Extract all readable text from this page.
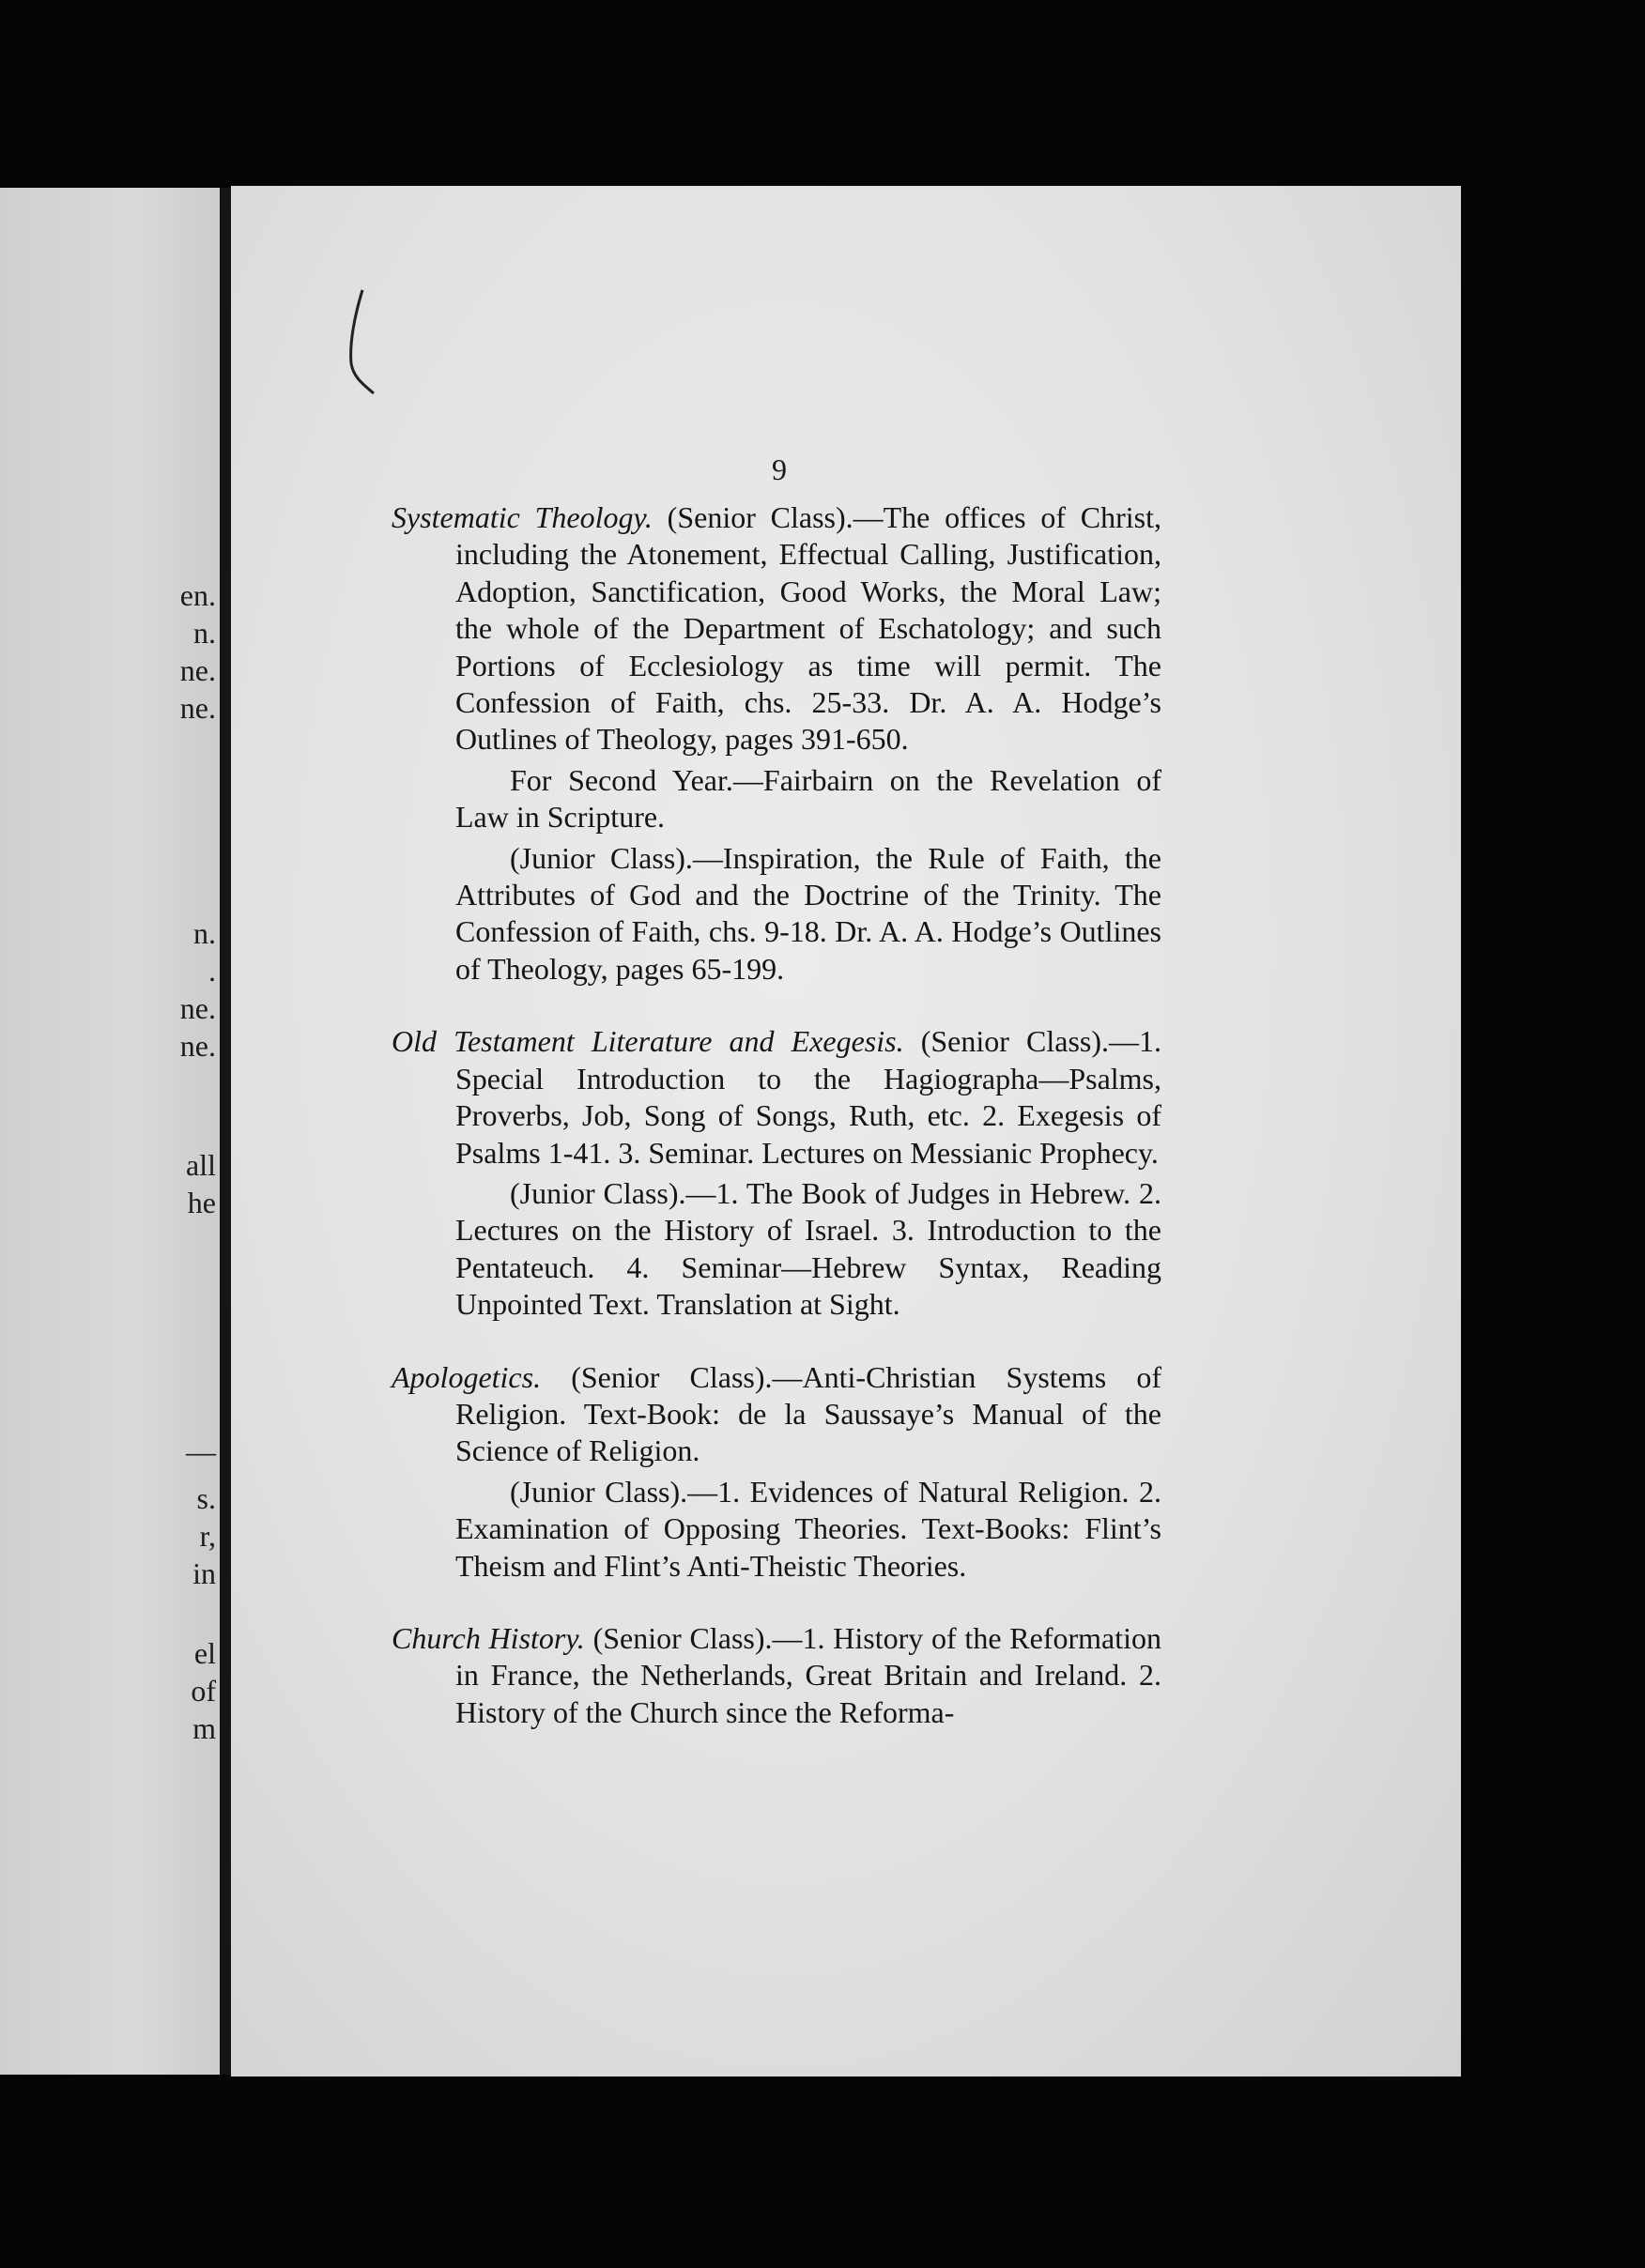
en.
n.
ne.
ne.
n.
.
ne.
ne.
all
he
—
s.
r,
in
el
of
m
9

Systematic Theology. (Senior Class).—The offices of Christ, including the Atonement, Effectual Calling, Justification, Adoption, Sanctification, Good Works, the Moral Law; the whole of the Department of Eschatology; and such Portions of Ecclesiology as time will permit. The Confession of Faith, chs. 25-33. Dr. A. A. Hodge’s Outlines of Theology, pages 391-650.

For Second Year.—Fairbairn on the Revelation of Law in Scripture.

(Junior Class).—Inspiration, the Rule of Faith, the Attributes of God and the Doctrine of the Trinity. The Confession of Faith, chs. 9-18. Dr. A. A. Hodge’s Outlines of Theology, pages 65-199.

Old Testament Literature and Exegesis. (Senior Class).—1. Special Introduction to the Hagiographa—Psalms, Proverbs, Job, Song of Songs, Ruth, etc. 2. Exegesis of Psalms 1-41. 3. Seminar. Lectures on Messianic Prophecy.

(Junior Class).—1. The Book of Judges in Hebrew. 2. Lectures on the History of Israel. 3. Introduction to the Pentateuch. 4. Seminar—Hebrew Syntax, Reading Unpointed Text. Translation at Sight.

Apologetics. (Senior Class).—Anti-Christian Systems of Religion. Text-Book: de la Saussaye’s Manual of the Science of Religion.

(Junior Class).—1. Evidences of Natural Religion. 2. Examination of Opposing Theories. Text-Books: Flint’s Theism and Flint’s Anti-Theistic Theories.

Church History. (Senior Class).—1. History of the Reformation in France, the Netherlands, Great Britain and Ireland. 2. History of the Church since the Reforma-
